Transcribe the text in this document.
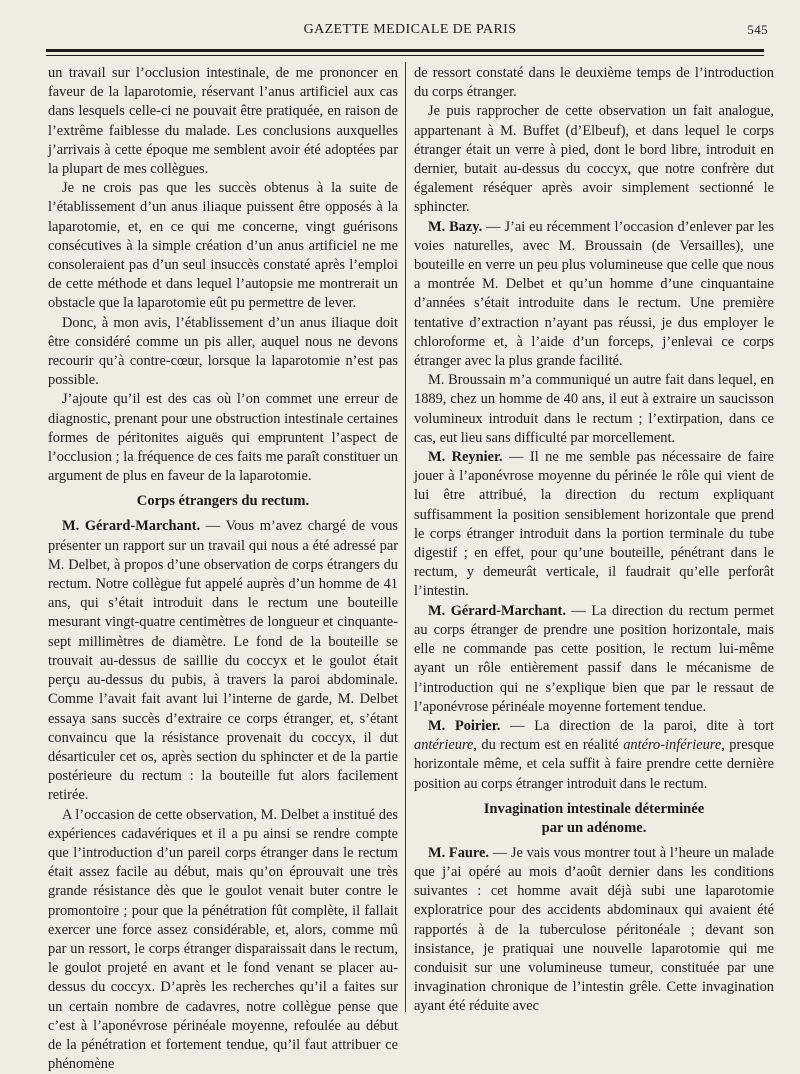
GAZETTE MEDICALE DE PARIS	545

un travail sur l’occlusion intestinale, de me prononcer en faveur de la laparotomie, réservant l’anus artificiel aux cas dans lesquels celle-ci ne pouvait être pratiquée, en raison de l’extrême faiblesse du malade. Les conclusions auxquelles j’arrivais à cette époque me semblent avoir été adoptées par la plupart de mes collègues.

Je ne crois pas que les succès obtenus à la suite de l’établissement d’un anus iliaque puissent être opposés à la laparotomie, et, en ce qui me concerne, vingt guérisons consécutives à la simple création d’un anus artificiel ne me consoleraient pas d’un seul insuccès constaté après l’emploi de cette méthode et dans lequel l’autopsie me montrerait un obstacle que la laparotomie eût pu permettre de lever.

Donc, à mon avis, l’établissement d’un anus iliaque doit être considéré comme un pis aller, auquel nous ne devons recourir qu’à contre-cœur, lorsque la laparotomie n’est pas possible.

J’ajoute qu’il est des cas où l’on commet une erreur de diagnostic, prenant pour une obstruction intestinale certaines formes de péritonites aiguës qui empruntent l’aspect de l’occlusion ; la fréquence de ces faits me paraît constituer un argument de plus en faveur de la laparotomie.

Corps étrangers du rectum.

M. Gérard-Marchant. — Vous m’avez chargé de vous présenter un rapport sur un travail qui nous a été adressé par M. Delbet, à propos d’une observation de corps étrangers du rectum. Notre collègue fut appelé auprès d’un homme de 41 ans, qui s’était introduit dans le rectum une bouteille mesurant vingt-quatre centimètres de longueur et cinquante-sept millimètres de diamètre. Le fond de la bouteille se trouvait au-dessus de saillie du coccyx et le goulot était perçu au-dessus du pubis, à travers la paroi abdominale. Comme l’avait fait avant lui l’interne de garde, M. Delbet essaya sans succès d’extraire ce corps étranger, et, s’étant convaincu que la résistance provenait du coccyx, il dut désarticuler cet os, après section du sphincter et de la partie postérieure du rectum : la bouteille fut alors facilement retirée.

A l’occasion de cette observation, M. Delbet a institué des expériences cadavériques et il a pu ainsi se rendre compte que l’introduction d’un pareil corps étranger dans le rectum était assez facile au début, mais qu’on éprouvait une très grande résistance dès que le goulot venait buter contre le promontoire ; pour que la pénétration fût complète, il fallait exercer une force assez considérable, et, alors, comme mû par un ressort, le corps étranger disparaissait dans le rectum, le goulot projeté en avant et le fond venant se placer au-dessus du coccyx. D’après les recherches qu’il a faites sur un certain nombre de cadavres, notre collègue pense que c’est à l’aponévrose périnéale moyenne, refoulée au début de la pénétration et fortement tendue, qu’il faut attribuer ce phénomène

de ressort constaté dans le deuxième temps de l’introduction du corps étranger.

Je puis rapprocher de cette observation un fait analogue, appartenant à M. Buffet (d’Elbeuf), et dans lequel le corps étranger était un verre à pied, dont le bord libre, introduit en dernier, butait au-dessus du coccyx, que notre confrère dut également réséquer après avoir simplement sectionné le sphincter.

M. Bazy. — J’ai eu récemment l’occasion d’enlever par les voies naturelles, avec M. Broussain (de Versailles), une bouteille en verre un peu plus volumineuse que celle que nous a montrée M. Delbet et qu’un homme d’une cinquantaine d’années s’était introduite dans le rectum. Une première tentative d’extraction n’ayant pas réussi, je dus employer le chloroforme et, à l’aide d’un forceps, j’enlevai ce corps étranger avec la plus grande facilité.

M. Broussain m’a communiqué un autre fait dans lequel, en 1889, chez un homme de 40 ans, il eut à extraire un saucisson volumineux introduit dans le rectum ; l’extirpation, dans ce cas, eut lieu sans difficulté par morcellement.

M. Reynier. — Il ne me semble pas nécessaire de faire jouer à l’aponévrose moyenne du périnée le rôle qui vient de lui être attribué, la direction du rectum expliquant suffisamment la position sensiblement horizontale que prend le corps étranger introduit dans la portion terminale du tube digestif ; en effet, pour qu’une bouteille, pénétrant dans le rectum, y demeurât verticale, il faudrait qu’elle perforât l’intestin.

M. Gérard-Marchant. — La direction du rectum permet au corps étranger de prendre une position horizontale, mais elle ne commande pas cette position, le rectum lui-même ayant un rôle entièrement passif dans le mécanisme de l’introduction qui ne s’explique bien que par le ressaut de l’aponévrose périnéale moyenne fortement tendue.

M. Poirier. — La direction de la paroi, dite à tort antérieure, du rectum est en réalité antéro-inférieure, presque horizontale même, et cela suffit à faire prendre cette dernière position au corps étranger introduit dans le rectum.

Invagination intestinale déterminée
par un adénome.

M. Faure. — Je vais vous montrer tout à l’heure un malade que j’ai opéré au mois d’août dernier dans les conditions suivantes : cet homme avait déjà subi une laparotomie exploratrice pour des accidents abdominaux qui avaient été rapportés à de la tuberculose péritonéale ; devant son insistance, je pratiquai une nouvelle laparotomie qui me conduisit sur une volumineuse tumeur, constituée par une invagination chronique de l’intestin grêle. Cette invagination ayant été réduite avec
